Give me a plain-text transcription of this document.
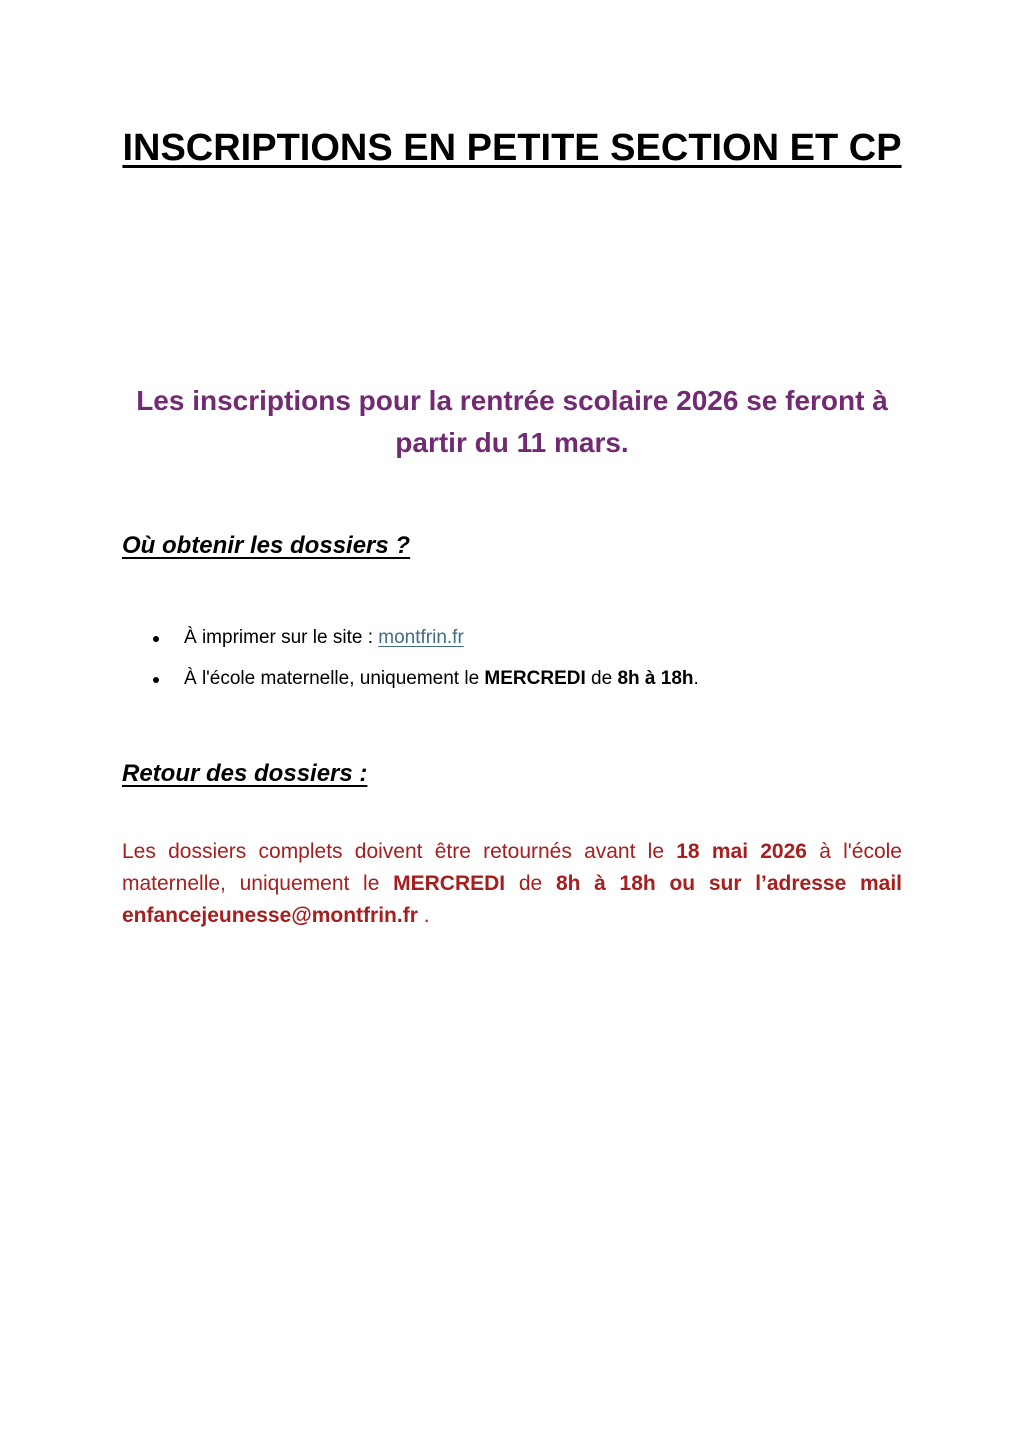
INSCRIPTIONS EN PETITE SECTION ET CP

Les inscriptions pour la rentrée scolaire 2026 se feront à partir du 11 mars.

Où obtenir les dossiers ?
À imprimer sur le site : montfrin.fr
À l'école maternelle, uniquement le MERCREDI de 8h à 18h.
Retour des dossiers :

Les dossiers complets doivent être retournés avant le 18 mai 2026 à l'école maternelle, uniquement le MERCREDI de 8h à 18h ou sur l’adresse mail enfancejeunesse@montfrin.fr .
